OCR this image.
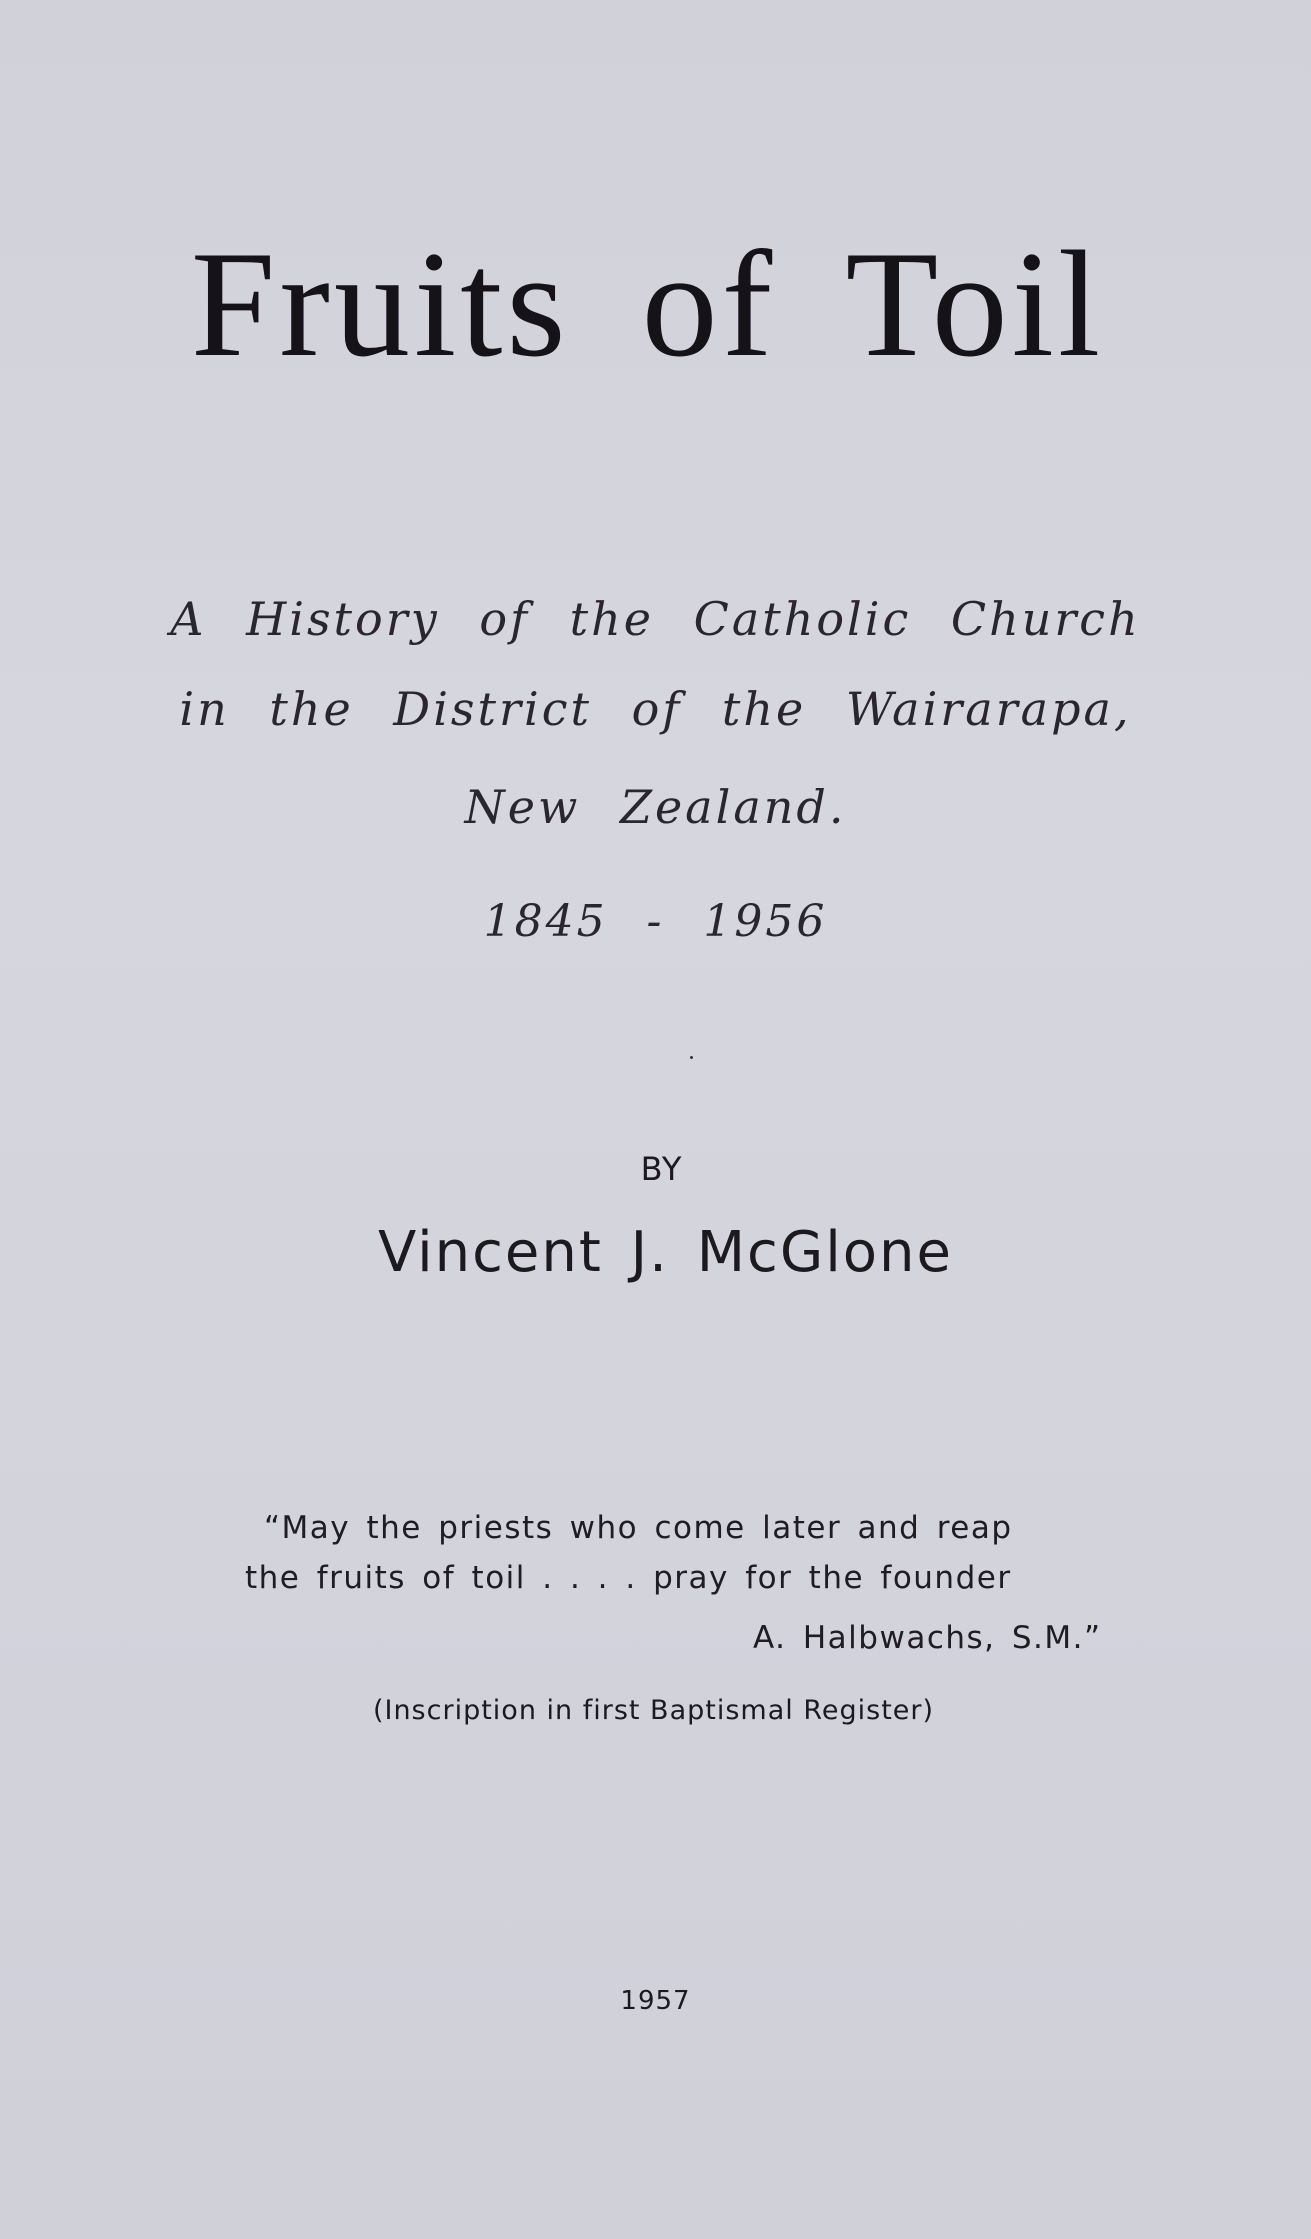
Fruits of Toil
A History of the Catholic Church
in the District of the Wairarapa,
New Zealand.
1845 - 1956
BY
Vincent J. McGlone
“May the priests who come later and reap
the fruits of toil . . . . pray for the founder
A. Halbwachs, S.M.”
(Inscription in first Baptismal Register)
1957
